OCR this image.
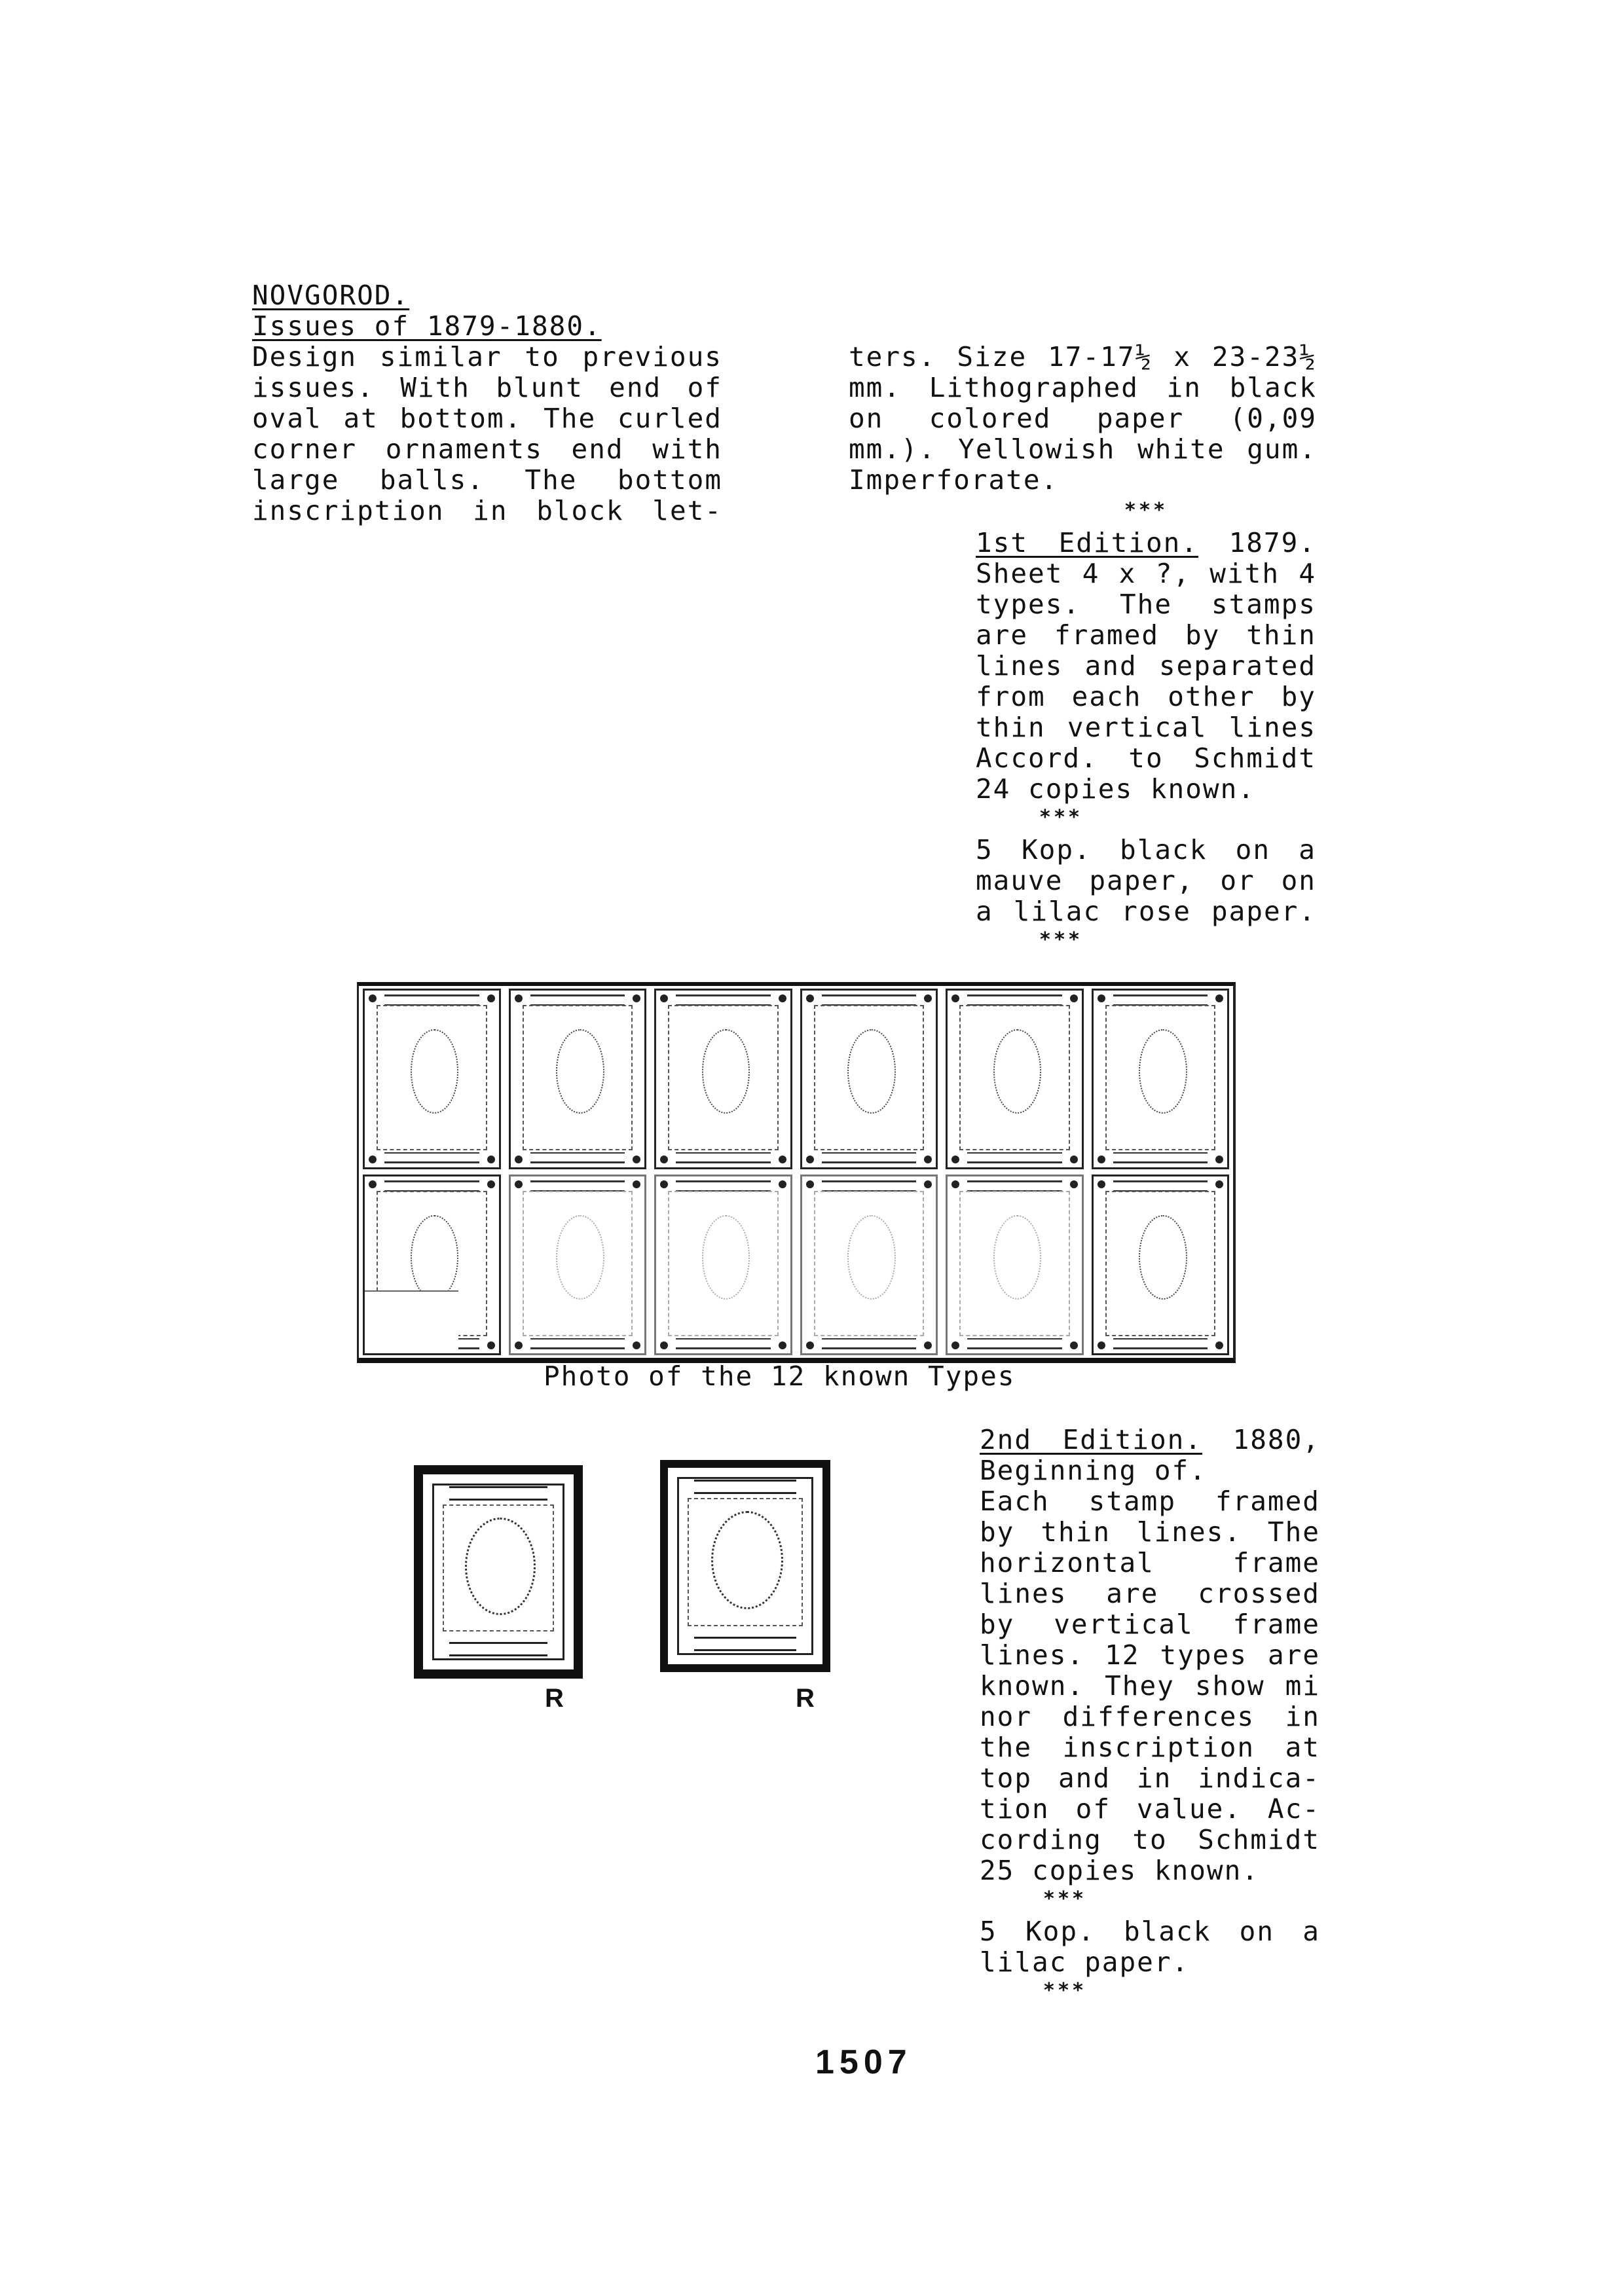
NOVGOROD.
Issues of 1879-1880.
Design similar to previous
issues. With blunt end of
oval at bottom. The curled
corner ornaments end with
large balls. The bottom
inscription in block let-
ters. Size 17-17½ x 23-23½
mm. Lithographed in black
on colored paper (0,09
mm.). Yellowish white gum.
Imperforate.
***
1st Edition. 1879.
Sheet 4 x ?, with 4
types. The stamps
are framed by thin
lines and separated
from each other by
thin vertical lines
Accord. to Schmidt
24 copies known.
***
5 Kop. black on a
mauve paper, or on
a lilac rose paper.
***
Photo of the 12 known Types
R	R
2nd Edition. 1880,
Beginning of.
Each stamp framed
by thin lines. The
horizontal frame
lines are crossed
by vertical frame
lines. 12 types are
known. They show mi
nor differences in
the inscription at
top and in indica-
tion of value. Ac-
cording to Schmidt
25 copies known.
***
5 Kop. black on a
lilac paper.
***
1507
